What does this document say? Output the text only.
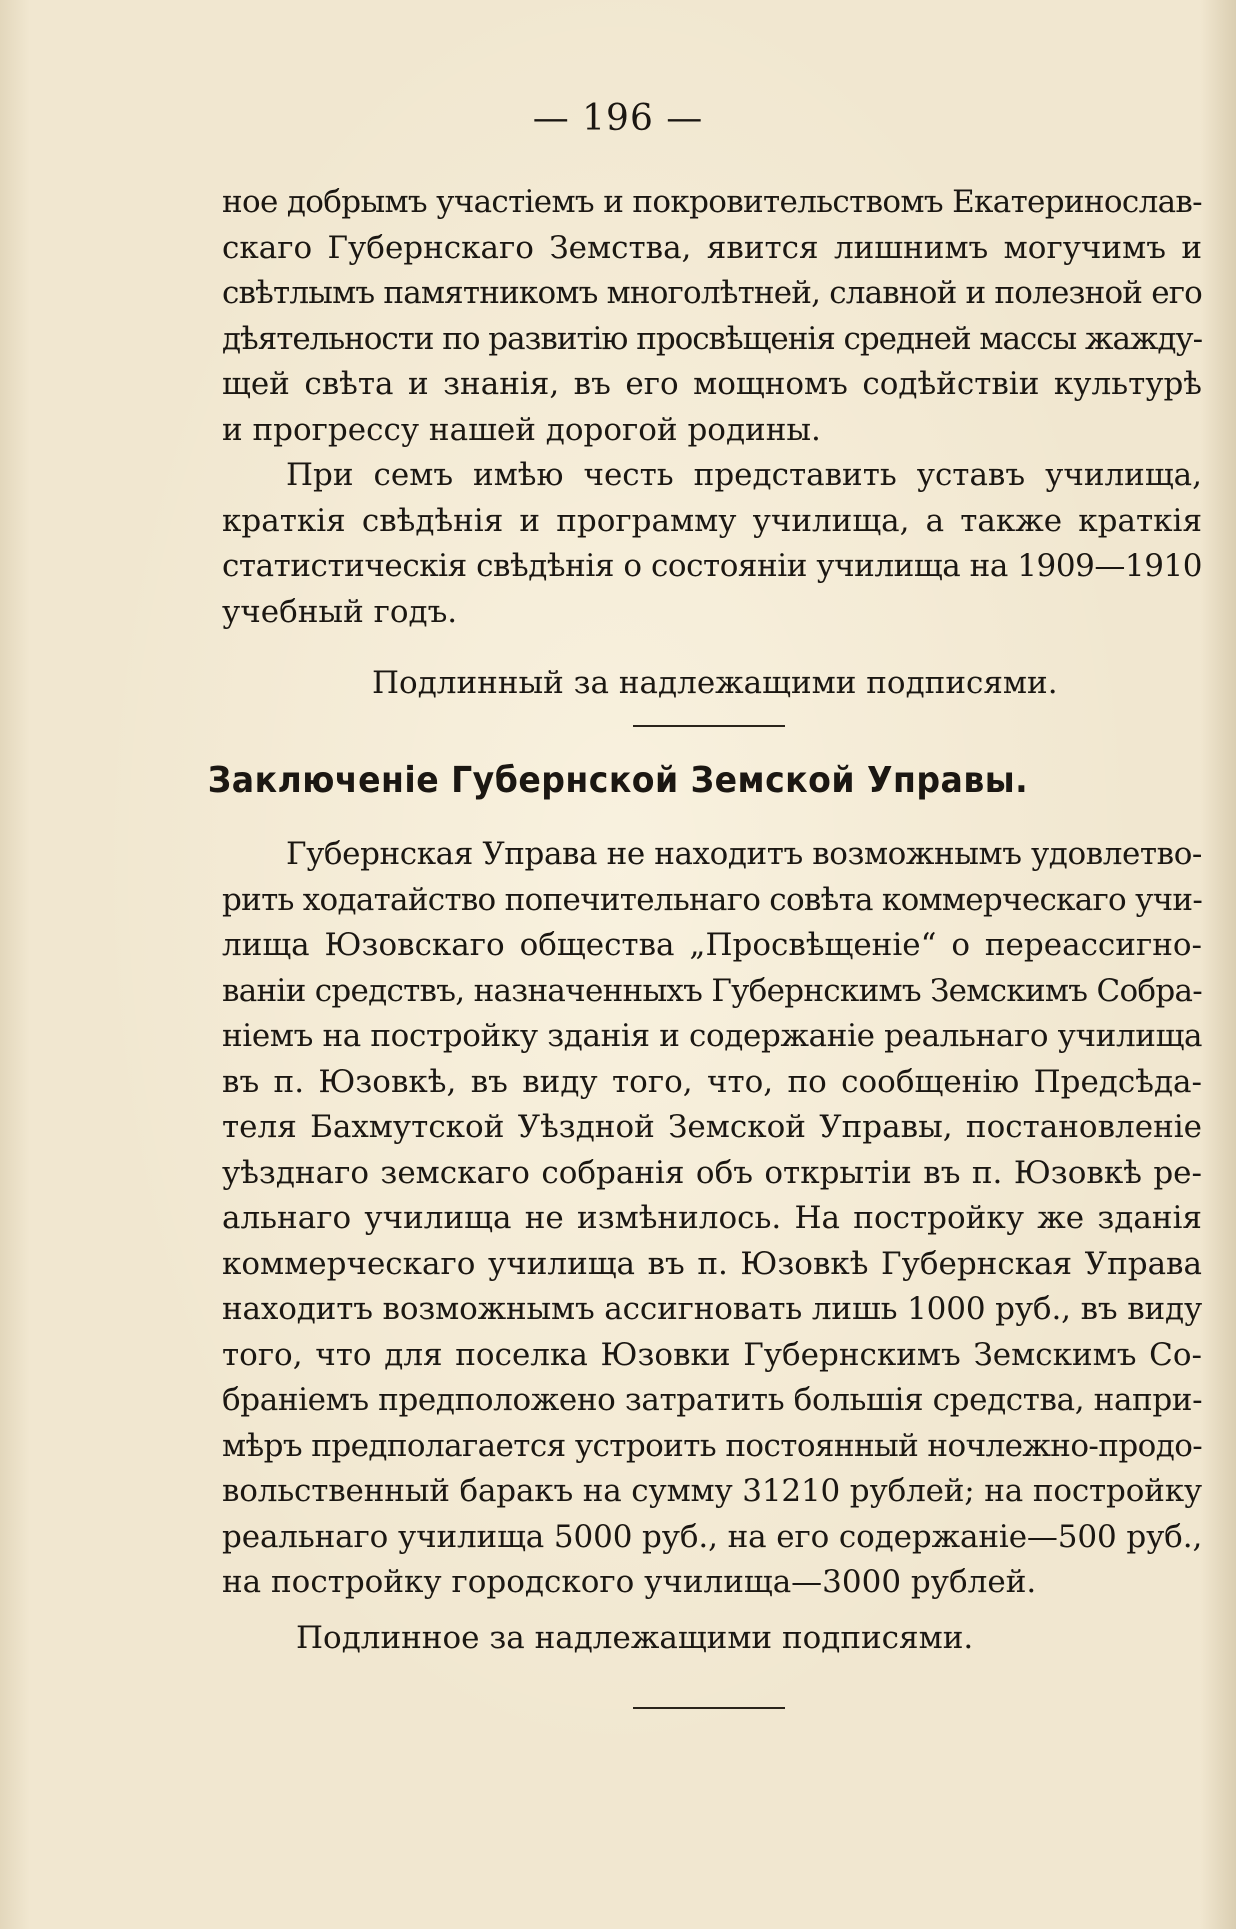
— 196 —
ное добрымъ участіемъ и покровительствомъ Екатеринослав-
скаго Губернскаго Земства, явится лишнимъ могучимъ и
свѣтлымъ памятникомъ многолѣтней, славной и полезной его
дѣятельности по развитію просвѣщенія средней массы жажду-
щей свѣта и знанія, въ его мощномъ содѣйствіи культурѣ
и прогрессу нашей дорогой родины.
При семъ имѣю честь представить уставъ училища,
краткія свѣдѣнія и программу училища, а также краткія
статистическія свѣдѣнія о состояніи училища на 1909—1910
учебный годъ.
Подлинный за надлежащими подписями.
Заключеніе Губернской Земской Управы.
Губернская Управа не находитъ возможнымъ удовлетво-
рить ходатайство попечительнаго совѣта коммерческаго учи-
лища Юзовскаго общества „Просвѣщеніе“ о переассигно-
ваніи средствъ, назначенныхъ Губернскимъ Земскимъ Собра-
ніемъ на постройку зданія и содержаніе реальнаго училища
въ п. Юзовкѣ, въ виду того, что, по сообщенію Предсѣда-
теля Бахмутской Уѣздной Земской Управы, постановленіе
уѣзднаго земскаго собранія объ открытіи въ п. Юзовкѣ ре-
альнаго училища не измѣнилось. На постройку же зданія
коммерческаго училища въ п. Юзовкѣ Губернская Управа
находитъ возможнымъ ассигновать лишь 1000 руб., въ виду
того, что для поселка Юзовки Губернскимъ Земскимъ Со-
браніемъ предположено затратить большія средства, напри-
мѣръ предполагается устроить постоянный ночлежно-продо-
вольственный баракъ на сумму 31210 рублей; на постройку
реальнаго училища 5000 руб., на его содержаніе—500 руб.,
на постройку городского училища—3000 рублей.
Подлинное за надлежащими подписями.
